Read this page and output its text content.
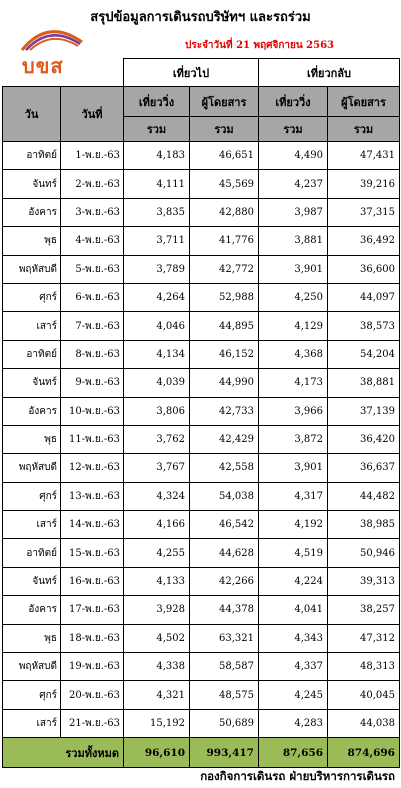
สรุปข้อมูลการเดินรถบริษัทฯ และรถร่วม
บขส
ประจำวันที่ 21 พฤศจิกายน 2563
		เที่ยวไป		เที่ยวกลับ	
วัน	วันที่	เที่ยววิ่ง	ผู้โดยสาร	เที่ยววิ่ง	ผู้โดยสาร
		รวม	รวม	รวม	รวม
อาทิตย์	1-พ.ย.-63	4,183	46,651	4,490	47,431
จันทร์	2-พ.ย.-63	4,111	45,569	4,237	39,216
อังคาร	3-พ.ย.-63	3,835	42,880	3,987	37,315
พุธ	4-พ.ย.-63	3,711	41,776	3,881	36,492
พฤหัสบดี	5-พ.ย.-63	3,789	42,772	3,901	36,600
ศุกร์	6-พ.ย.-63	4,264	52,988	4,250	44,097
เสาร์	7-พ.ย.-63	4,046	44,895	4,129	38,573
อาทิตย์	8-พ.ย.-63	4,134	46,152	4,368	54,204
จันทร์	9-พ.ย.-63	4,039	44,990	4,173	38,881
อังคาร	10-พ.ย.-63	3,806	42,733	3,966	37,139
พุธ	11-พ.ย.-63	3,762	42,429	3,872	36,420
พฤหัสบดี	12-พ.ย.-63	3,767	42,558	3,901	36,637
ศุกร์	13-พ.ย.-63	4,324	54,038	4,317	44,482
เสาร์	14-พ.ย.-63	4,166	46,542	4,192	38,985
อาทิตย์	15-พ.ย.-63	4,255	44,628	4,519	50,946
จันทร์	16-พ.ย.-63	4,133	42,266	4,224	39,313
อังคาร	17-พ.ย.-63	3,928	44,378	4,041	38,257
พุธ	18-พ.ย.-63	4,502	63,321	4,343	47,312
พฤหัสบดี	19-พ.ย.-63	4,338	58,587	4,337	48,313
ศุกร์	20-พ.ย.-63	4,321	48,575	4,245	40,045
เสาร์	21-พ.ย.-63	15,192	50,689	4,283	44,038
รวมทั้งหมด		96,610	993,417	87,656	874,696
กองกิจการเดินรถ ฝ่ายบริหารการเดินรถ
